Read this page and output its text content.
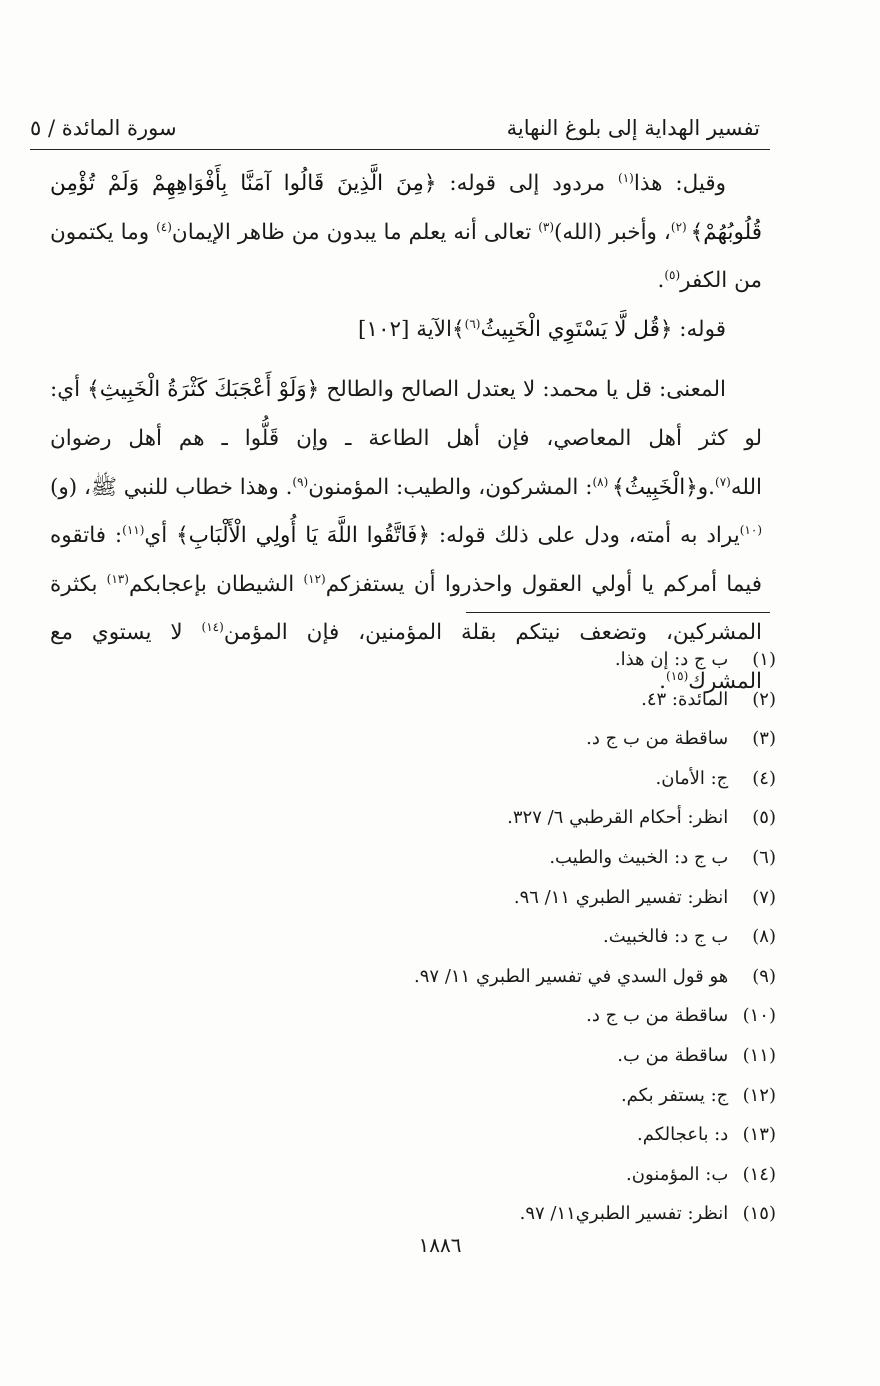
تفسير الهداية إلى بلوغ النهاية
سورة المائدة / ٥

وقيل: هذا$^{(١)}$ مردود إلى قوله: ﴿مِنَ الَّذِينَ قَالُوا آمَنَّا بِأَفْوَاهِهِمْ وَلَمْ تُؤْمِن قُلُوبُهُمْ﴾ $^{(٢)}$، وأخبر (الله)$^{(٣)}$ تعالى أنه يعلم ما يبدون من ظاهر الإيمان$^{(٤)}$ وما يكتمون من الكفر$^{(٥)}$.

قوله: ﴿قُل لَّا يَسْتَوِي الْخَبِيثُ$^{(٦)}$﴾الآية [١٠٢]

المعنى: قل يا محمد: لا يعتدل الصالح والطالح ﴿وَلَوْ أَعْجَبَكَ كَثْرَةُ الْخَبِيثِ﴾ أي: لو كثر أهل المعاصي، فإن أهل الطاعة ـ وإن قَلُّوا ـ هم أهل رضوان الله$^{(٧)}$.و﴿الْخَبِيثُ﴾ $^{(٨)}$: المشركون، والطيب: المؤمنون$^{(٩)}$. وهذا خطاب للنبي ﷺ، (و)$^{(١٠)}$يراد به أمته، ودل على ذلك قوله: ﴿فَاتَّقُوا اللَّهَ يَا أُولِي الْأَلْبَابِ﴾ أي$^{(١١)}$: فاتقوه فيما أمركم يا أولي العقول واحذروا أن يستفزكم$^{(١٢)}$ الشيطان بإعجابكم$^{(١٣)}$ بكثرة المشركين، وتضعف نيتكم بقلة المؤمنين، فإن المؤمن$^{(١٤)}$ لا يستوي مع المشرك$^{(١٥)}$.

(١) ب ج د: إن هذا.
(٢) المائدة: ٤٣.
(٣) ساقطة من ب ج د.
(٤) ج: الأمان.
(٥) انظر: أحكام القرطبي ٦/ ٣٢٧.
(٦) ب ج د: الخبيث والطيب.
(٧) انظر: تفسير الطبري ١١/ ٩٦.
(٨) ب ج د: فالخبيث.
(٩) هو قول السدي في تفسير الطبري ١١/ ٩٧.
(١٠) ساقطة من ب ج د.
(١١) ساقطة من ب.
(١٢) ج: يستفر بكم.
(١٣) د: باعجالكم.
(١٤) ب: المؤمنون.
(١٥) انظر: تفسير الطبري١١/ ٩٧.
١٨٨٦
